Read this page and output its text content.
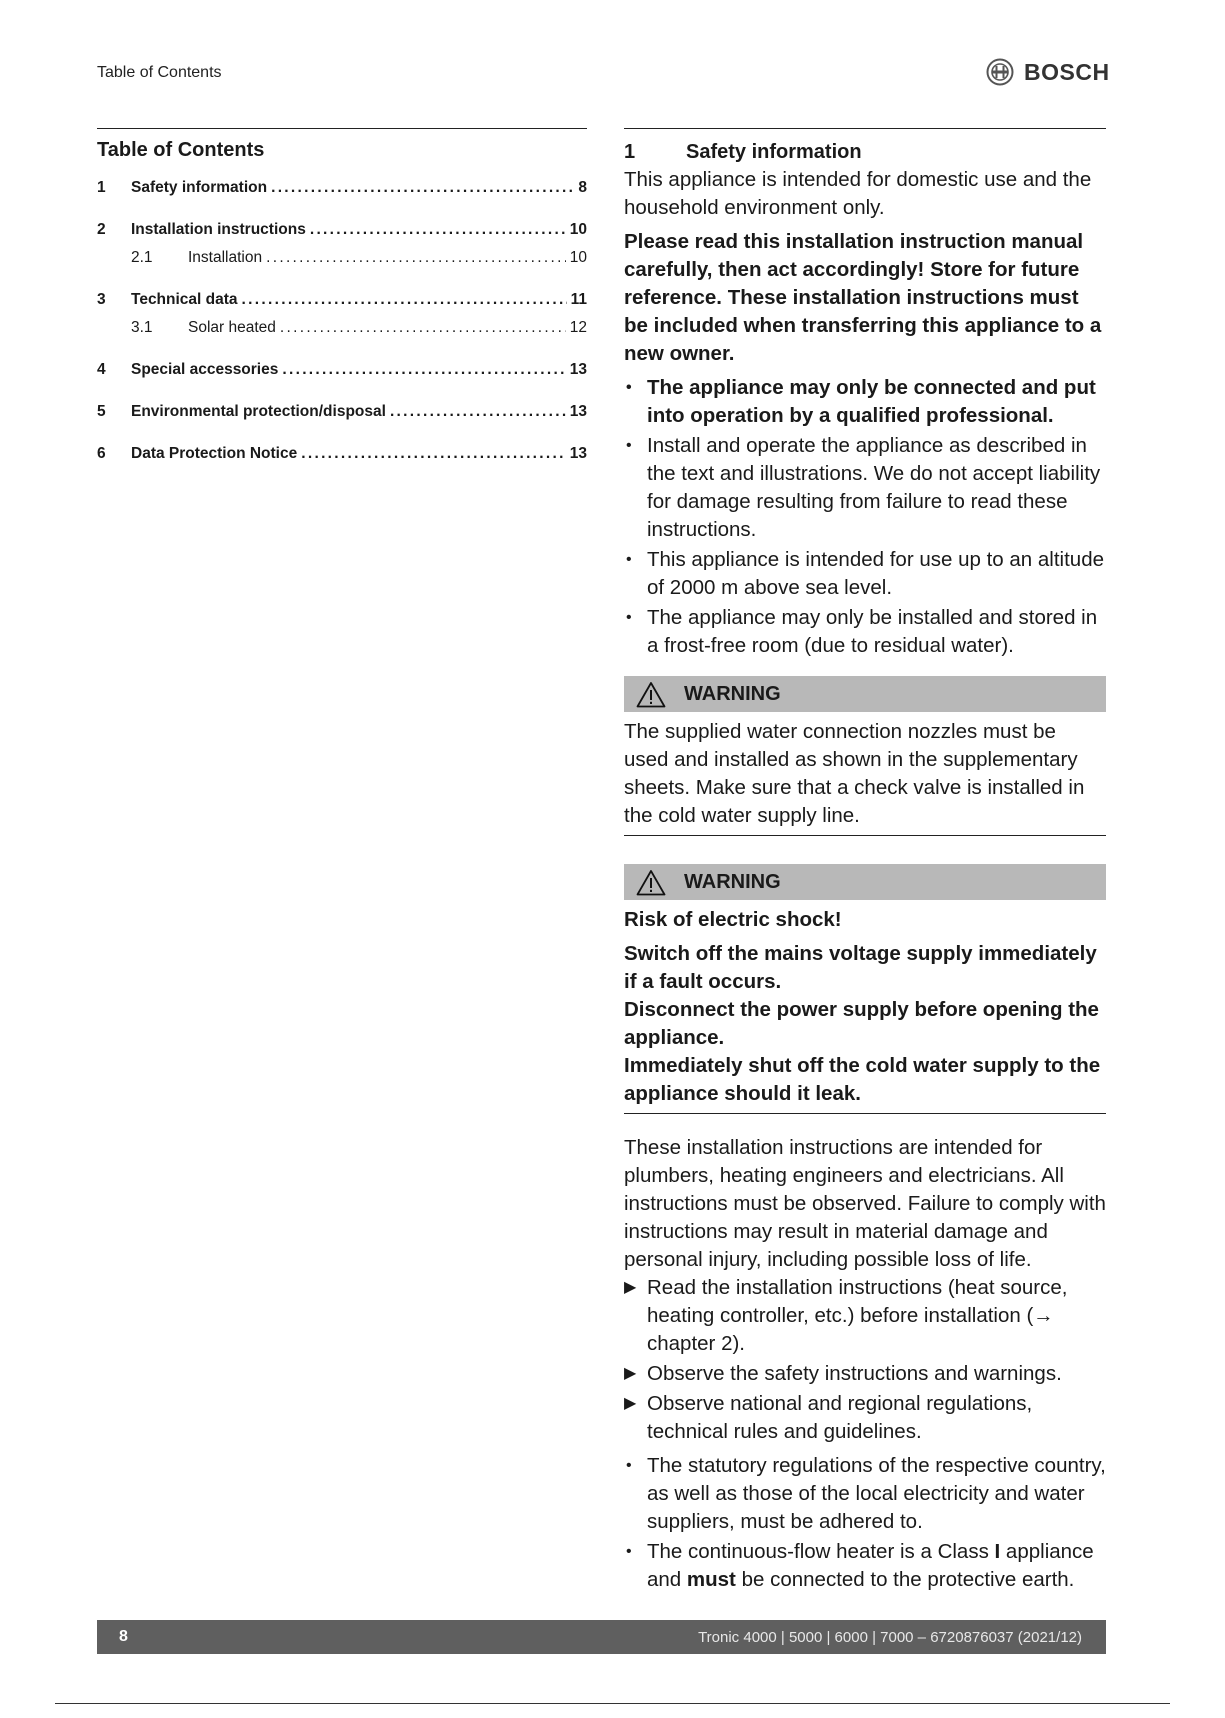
Table of Contents	BOSCH
Table of Contents
1	Safety information . . .	8
2	Installation instructions . . .	10
2.1	Installation . . .	10
3	Technical data . . .	11
3.1	Solar heated . . .	12
4	Special accessories . . .	13
5	Environmental protection/disposal . . .	13
6	Data Protection Notice . . .	13
1	Safety information

This appliance is intended for domestic use and the household environment only.

Please read this installation instruction manual carefully, then act accordingly! Store for future reference. These installation instructions must be included when transferring this appliance to a new owner.

• The appliance may only be connected and put into operation by a qualified professional.
• Install and operate the appliance as described in the text and illustrations. We do not accept liability for damage resulting from failure to read these instructions.
• This appliance is intended for use up to an altitude of 2000 m above sea level.
• The appliance may only be installed and stored in a frost-free room (due to residual water).
WARNING

The supplied water connection nozzles must be used and installed as shown in the supplementary sheets. Make sure that a check valve is installed in the cold water supply line.

WARNING

Risk of electric shock!

Switch off the mains voltage supply immediately if a fault occurs.

Disconnect the power supply before opening the appliance.

Immediately shut off the cold water supply to the appliance should it leak.

These installation instructions are intended for plumbers, heating engineers and electricians. All instructions must be observed. Failure to comply with instructions may result in material damage and personal injury, including possible loss of life.

▶ Read the installation instructions (heat source, heating controller, etc.) before installation (→ chapter 2).
▶ Observe the safety instructions and warnings.
▶ Observe national and regional regulations, technical rules and guidelines.
• The statutory regulations of the respective country, as well as those of the local electricity and water suppliers, must be adhered to.
• The continuous-flow heater is a Class I appliance and must be connected to the protective earth.
8	Tronic 4000 | 5000 | 6000 | 7000 – 6720876037 (2021/12)
